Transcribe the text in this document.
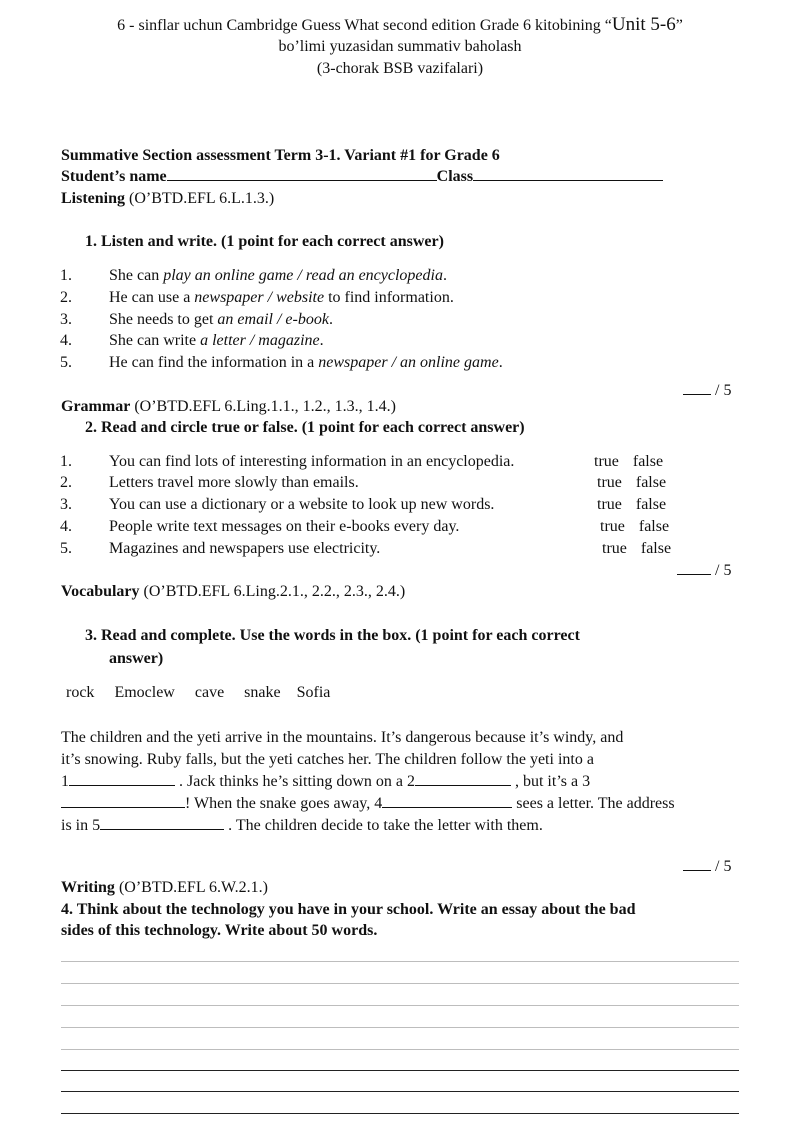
6 - sinflar uchun Cambridge Guess What second edition Grade 6 kitobining “Unit 5-6”
bo’limi yuzasidan summativ baholash
(3-chorak BSB vazifalari)
Summative Section assessment Term 3-1. Variant #1 for Grade 6
Student’s name	Class
Listening (O’BTD.EFL 6.L.1.3.)
1. Listen and write. (1 point for each correct answer)
1. She can play an online game / read an encyclopedia.
2. He can use a newspaper / website to find information.
3. She needs to get an email / e-book.
4. She can write a letter / magazine.
5. He can find the information in a newspaper / an online game.
/ 5
Grammar (O’BTD.EFL 6.Ling.1.1., 1.2., 1.3., 1.4.)
2. Read and circle true or false. (1 point for each correct answer)
1. You can find lots of interesting information in an encyclopedia.	true false
2. Letters travel more slowly than emails.	true false
3. You can use a dictionary or a website to look up new words.	true false
4. People write text messages on their e-books every day.	true false
5. Magazines and newspapers use electricity.	true false
/ 5
Vocabulary (O’BTD.EFL 6.Ling.2.1., 2.2., 2.3., 2.4.)
3. Read and complete. Use the words in the box. (1 point for each correct
answer)
rock Emoclew cave snake Sofia
The children and the yeti arrive in the mountains. It’s dangerous because it’s windy, and
it’s snowing. Ruby falls, but the yeti catches her. The children follow the yeti into a
1	. Jack thinks he’s sitting down on a 2	, but it’s a 3
! When the snake goes away, 4	sees a letter. The address
is in 5	. The children decide to take the letter with them.
/ 5
Writing (O’BTD.EFL 6.W.2.1.)
4. Think about the technology you have in your school. Write an essay about the bad
sides of this technology. Write about 50 words.
